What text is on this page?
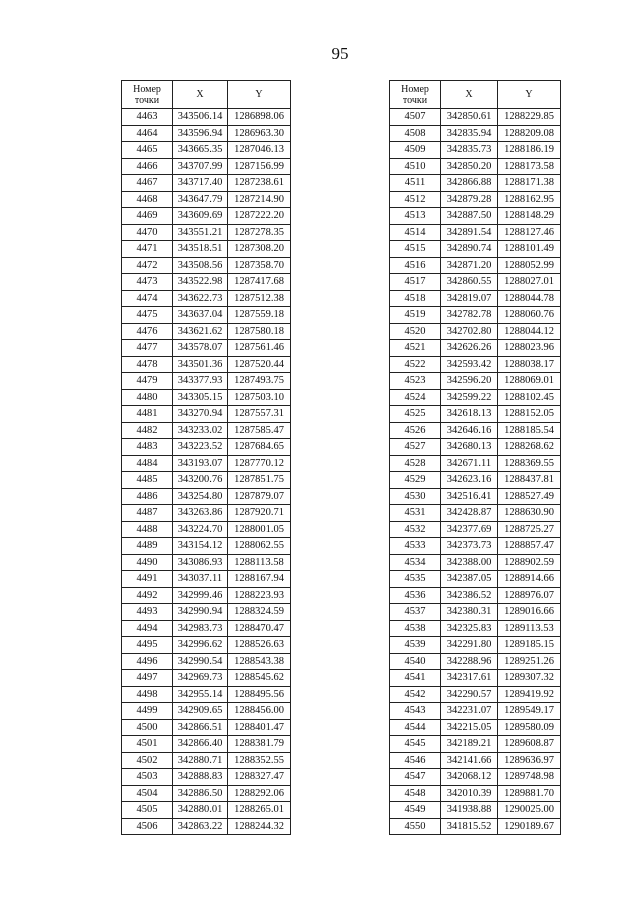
95
Номер
точки	X	Y
4463	343506.14	1286898.06
4464	343596.94	1286963.30
4465	343665.35	1287046.13
4466	343707.99	1287156.99
4467	343717.40	1287238.61
4468	343647.79	1287214.90
4469	343609.69	1287222.20
4470	343551.21	1287278.35
4471	343518.51	1287308.20
4472	343508.56	1287358.70
4473	343522.98	1287417.68
4474	343622.73	1287512.38
4475	343637.04	1287559.18
4476	343621.62	1287580.18
4477	343578.07	1287561.46
4478	343501.36	1287520.44
4479	343377.93	1287493.75
4480	343305.15	1287503.10
4481	343270.94	1287557.31
4482	343233.02	1287585.47
4483	343223.52	1287684.65
4484	343193.07	1287770.12
4485	343200.76	1287851.75
4486	343254.80	1287879.07
4487	343263.86	1287920.71
4488	343224.70	1288001.05
4489	343154.12	1288062.55
4490	343086.93	1288113.58
4491	343037.11	1288167.94
4492	342999.46	1288223.93
4493	342990.94	1288324.59
4494	342983.73	1288470.47
4495	342996.62	1288526.63
4496	342990.54	1288543.38
4497	342969.73	1288545.62
4498	342955.14	1288495.56
4499	342909.65	1288456.00
4500	342866.51	1288401.47
4501	342866.40	1288381.79
4502	342880.71	1288352.55
4503	342888.83	1288327.47
4504	342886.50	1288292.06
4505	342880.01	1288265.01
4506	342863.22	1288244.32
Номер
точки	X	Y
4507	342850.61	1288229.85
4508	342835.94	1288209.08
4509	342835.73	1288186.19
4510	342850.20	1288173.58
4511	342866.88	1288171.38
4512	342879.28	1288162.95
4513	342887.50	1288148.29
4514	342891.54	1288127.46
4515	342890.74	1288101.49
4516	342871.20	1288052.99
4517	342860.55	1288027.01
4518	342819.07	1288044.78
4519	342782.78	1288060.76
4520	342702.80	1288044.12
4521	342626.26	1288023.96
4522	342593.42	1288038.17
4523	342596.20	1288069.01
4524	342599.22	1288102.45
4525	342618.13	1288152.05
4526	342646.16	1288185.54
4527	342680.13	1288268.62
4528	342671.11	1288369.55
4529	342623.16	1288437.81
4530	342516.41	1288527.49
4531	342428.87	1288630.90
4532	342377.69	1288725.27
4533	342373.73	1288857.47
4534	342388.00	1288902.59
4535	342387.05	1288914.66
4536	342386.52	1288976.07
4537	342380.31	1289016.66
4538	342325.83	1289113.53
4539	342291.80	1289185.15
4540	342288.96	1289251.26
4541	342317.61	1289307.32
4542	342290.57	1289419.92
4543	342231.07	1289549.17
4544	342215.05	1289580.09
4545	342189.21	1289608.87
4546	342141.66	1289636.97
4547	342068.12	1289748.98
4548	342010.39	1289881.70
4549	341938.88	1290025.00
4550	341815.52	1290189.67
